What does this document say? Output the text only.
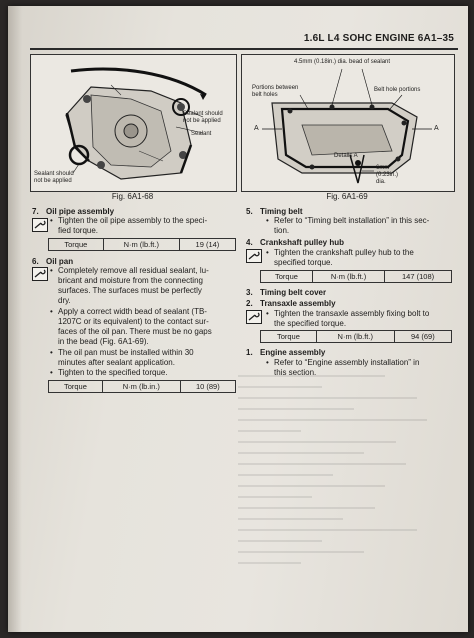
1.6L L4 SOHC ENGINE 6A1–35
Sealant should
not be applied
Sealant
Sealant should
not be applied
Fig. 6A1-68
4.5mm (0.18in.) dia. bead of sealant
Portions between
belt holes
Belt hole portions
A	A
Details A
6mm
(0.23in.)
dia.
Fig. 6A1-69
7. Oil pipe assembly
• Tighten the oil pipe assembly to the speci-
fied torque.
Torque	N·m (lb.ft.)	19 (14)
6. Oil pan
• Completely remove all residual sealant, lu-
bricant and moisture from the connecting
surfaces. The surfaces must be perfectly
dry.
• Apply a correct width bead of sealant (TB-
1207C or its equivalent) to the contact sur-
faces of the oil pan. There must be no gaps
in the bead (Fig. 6A1-69).
• The oil pan must be installed within 30
minutes after sealant application.
• Tighten to the specified torque.
Torque	N·m (lb.in.)	10 (89)
5. Timing belt
• Refer to “Timing belt installation” in this sec-
tion.
4. Crankshaft pulley hub
• Tighten the crankshaft pulley hub to the
specified torque.
Torque	N·m (lb.ft.)	147 (108)
3. Timing belt cover
2. Transaxle assembly
• Tighten the transaxle assembly fixing bolt to
the specified torque.
Torque	N·m (lb.ft.)	94 (69)
1. Engine assembly
• Refer to “Engine assembly installation” in
this section.
